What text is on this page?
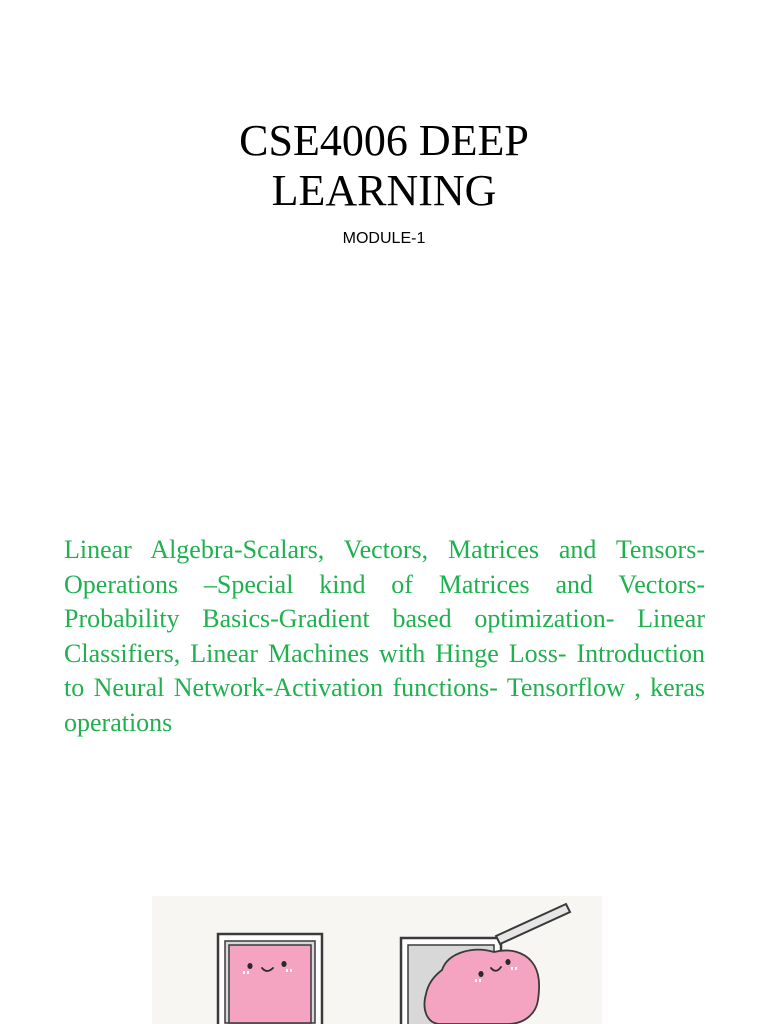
CSE4006 DEEP
LEARNING
MODULE-1

Linear Algebra-Scalars, Vectors, Matrices and Tensors- Operations –Special kind of Matrices and Vectors- Probability Basics-Gradient based optimization- Linear Classifiers, Linear Machines with Hinge Loss- Introduction to Neural Network-Activation functions- Tensorflow , keras operations
